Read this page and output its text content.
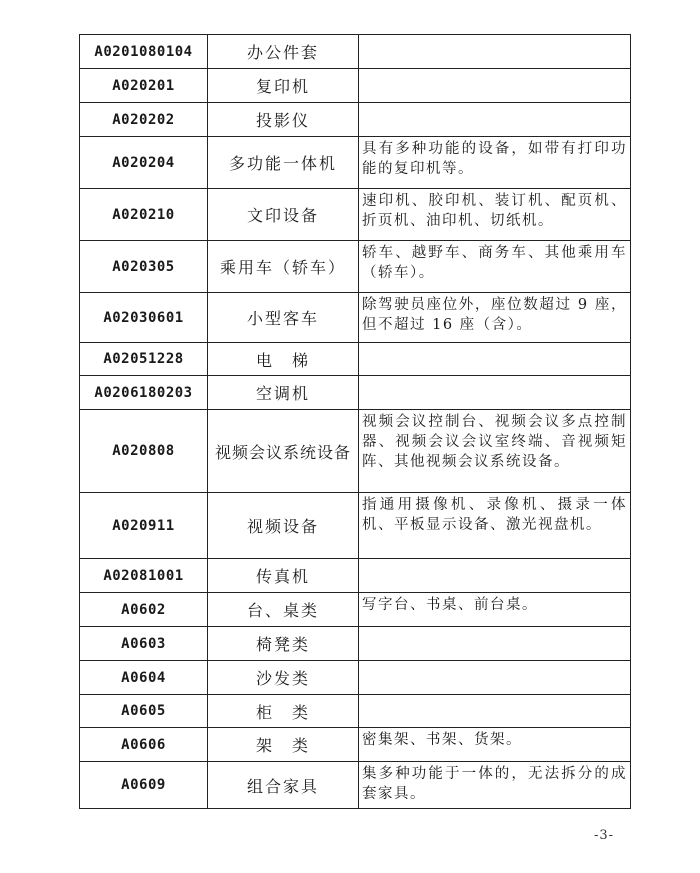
A0201080104	办公件套	
A020201	复印机	
A020202	投影仪	
A020204	多功能一体机	具有多种功能的设备，如带有打印功能的复印机等。
A020210	文印设备	速印机、胶印机、装订机、配页机、折页机、油印机、切纸机。
A020305	乘用车（轿车）	轿车、越野车、商务车、其他乘用车（轿车）。
A02030601	小型客车	除驾驶员座位外，座位数超过 9 座，但不超过 16 座（含）。
A02051228	电　梯	
A0206180203	空调机	
A020808	视频会议系统设备	视频会议控制台、视频会议多点控制器、视频会议会议室终端、音视频矩阵、其他视频会议系统设备。
A020911	视频设备	指通用摄像机、录像机、摄录一体机、平板显示设备、激光视盘机。
A02081001	传真机	
A0602	台、桌类	写字台、书桌、前台桌。
A0603	椅凳类	
A0604	沙发类	
A0605	柜　类	
A0606	架　类	密集架、书架、货架。
A0609	组合家具	集多种功能于一体的，无法拆分的成套家具。
-3-
